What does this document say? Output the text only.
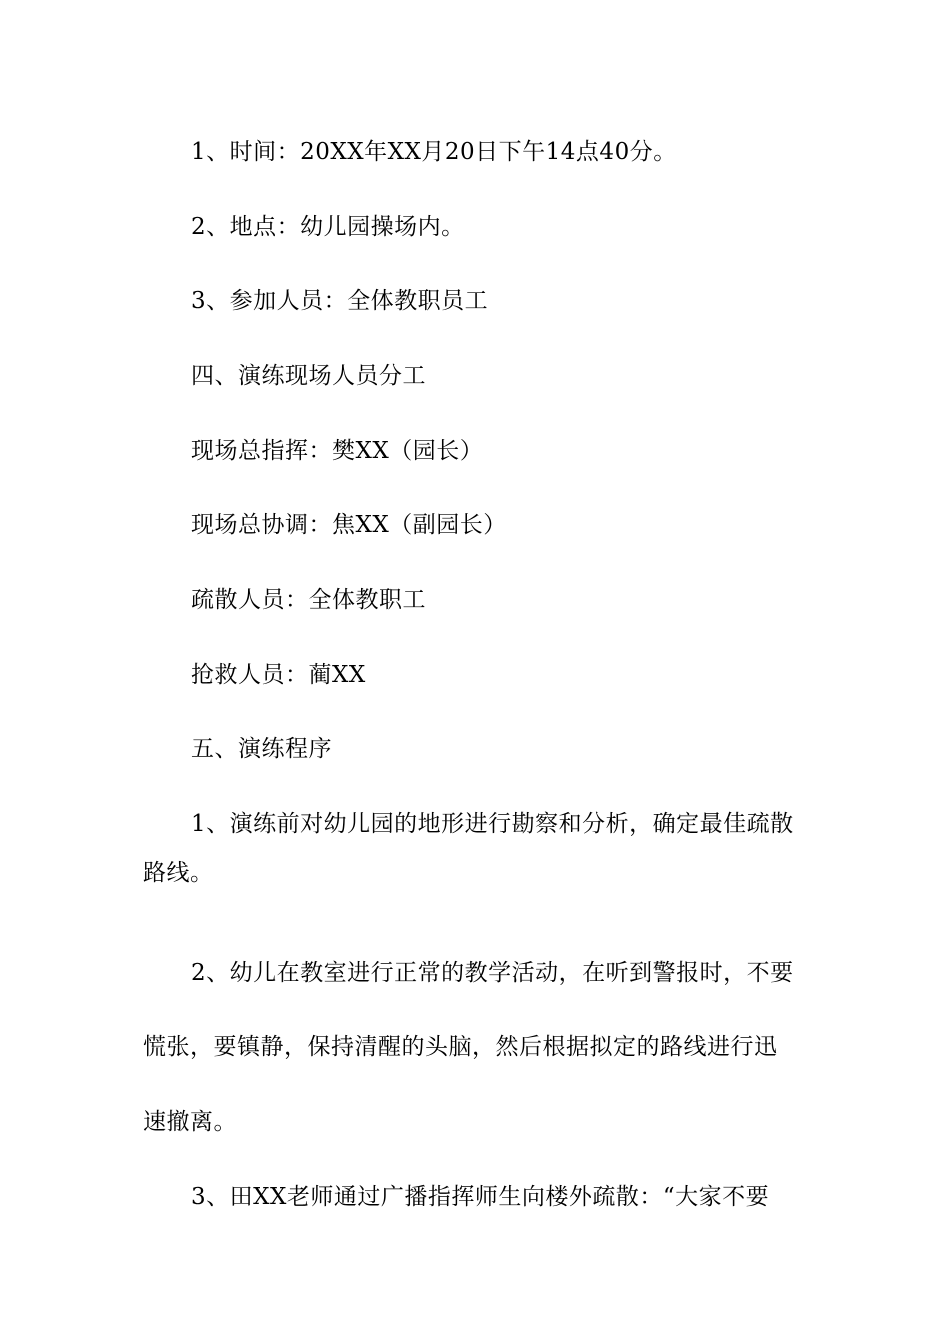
1、时间：20XX年XX月20日下午14点40分。
2、地点：幼儿园操场内。
3、参加人员：全体教职员工
四、演练现场人员分工
现场总指挥：樊XX（园长）
现场总协调：焦XX（副园长）
疏散人员：全体教职工
抢救人员：蔺XX
五、演练程序
1、演练前对幼儿园的地形进行勘察和分析，确定最佳疏散
路线。
2、幼儿在教室进行正常的教学活动，在听到警报时，不要
慌张，要镇静，保持清醒的头脑，然后根据拟定的路线进行迅
速撤离。
3、田XX老师通过广播指挥师生向楼外疏散：“大家不要
